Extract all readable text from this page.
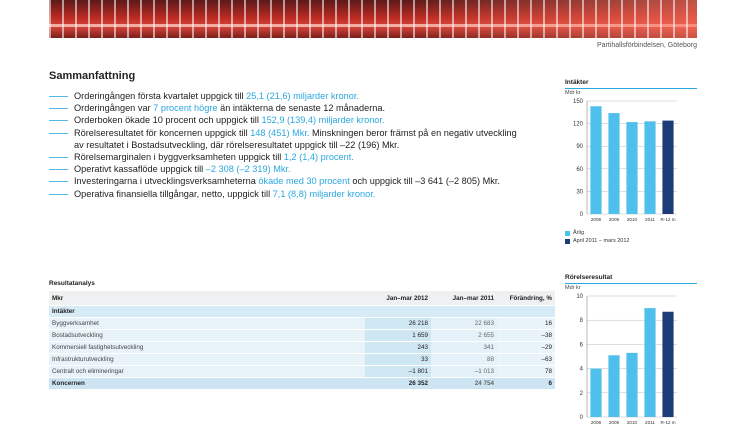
Partihallsförbindelsen, Göteborg
Sammanfattning
Orderingången första kvartalet uppgick till 25,1 (21,6) miljarder kronor.
Orderingången var 7 procent högre än intäkterna de senaste 12 månaderna.
Orderboken ökade 10 procent och uppgick till 152,9 (139,4) miljarder kronor.
Rörelseresultatet för koncernen uppgick till 148 (451) Mkr. Minskningen beror främst på en negativ utveckling av resultatet i Bostadsutveckling, där rörelseresultatet uppgick till –22 (196) Mkr.
Rörelsemarginalen i byggverksamheten uppgick till 1,2 (1,4) procent.
Operativt kassaflöde uppgick till –2 308 (–2 319) Mkr.
Investeringarna i utvecklingsverksamheterna ökade med 30 procent och uppgick till –3 641 (–2 805) Mkr.
Operativa finansiella tillgångar, netto, uppgick till 7,1 (8,8) miljarder kronor.
Resultatanalys
Mkr	Jan–mar 2012	Jan–mar 2011	Förändring, %
Intäkter			
Byggverksamhet	26 218	22 683	16
Bostadsutveckling	1 659	2 655	–38
Kommersiell fastighetsutveckling	243	341	–29
Infrastrukturutveckling	33	88	–63
Centralt och elimineringar	–1 801	–1 013	78
Koncernen	26 352	24 754	6
Intäkter
Mdr kr
0
30
60
90
120
150
2008 2009 2010 2011 R-12 m
Årlig
April 2011 – mars 2012
Rörelseresultat
Mdr kr
0
2
4
6
8
10
2008 2009 2010 2011 R-12 m
